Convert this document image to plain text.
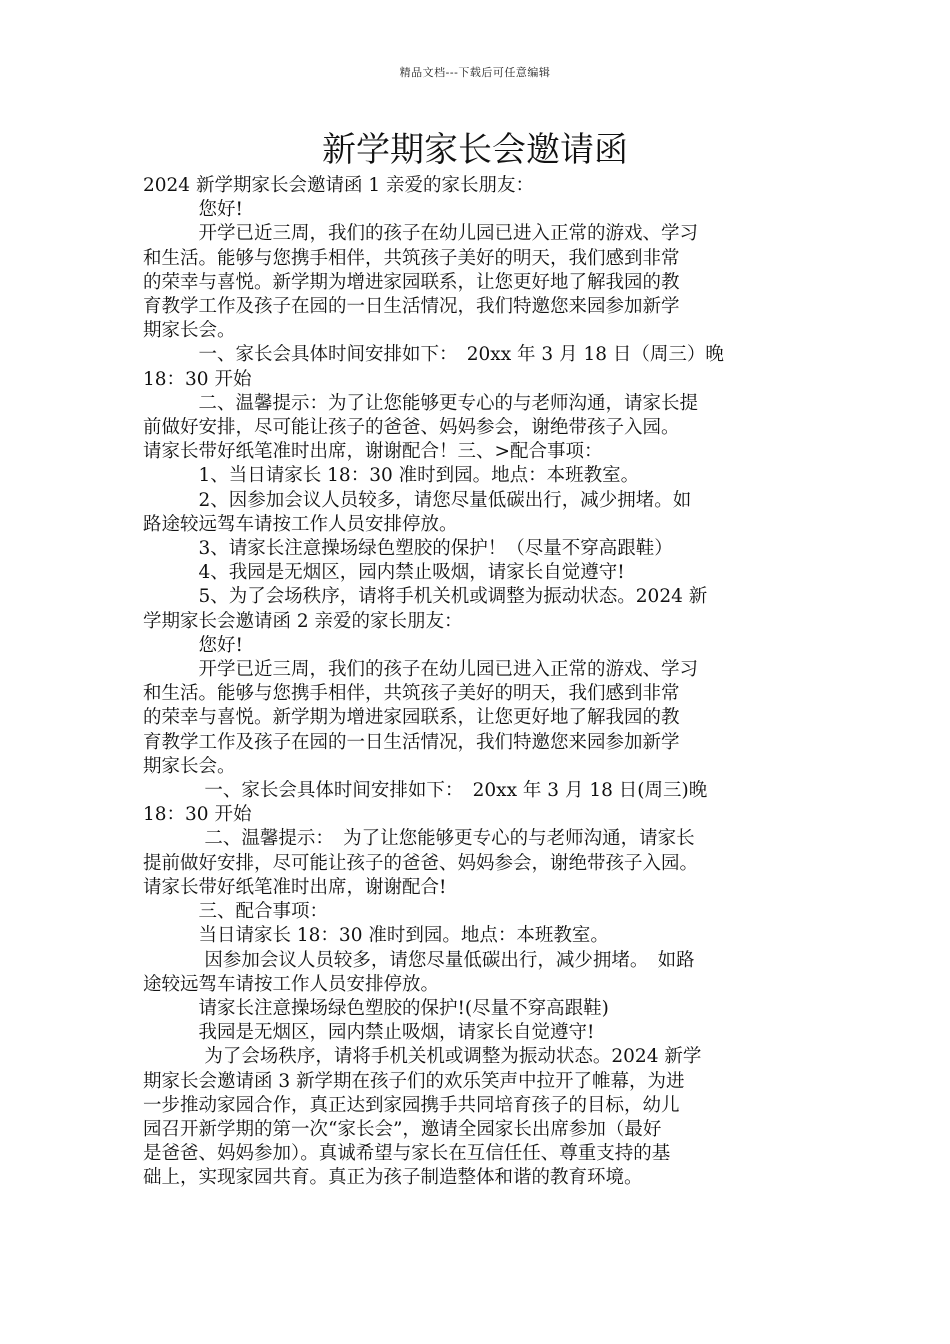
精品文档---下载后可任意编辑
新学期家长会邀请函

2024 新学期家长会邀请函 1 亲爱的家长朋友：

　　　您好!

　　　开学已近三周，我们的孩子在幼儿园已进入正常的游戏、学习

和生活。能够与您携手相伴，共筑孩子美好的明天，我们感到非常

的荣幸与喜悦。新学期为增进家园联系，让您更好地了解我园的教

育教学工作及孩子在园的一日生活情况，我们特邀您来园参加新学

期家长会。

　　　一、家长会具体时间安排如下：　20xx 年 3 月 18 日（周三）晚

18：30 开始

　　　二、温馨提示：为了让您能够更专心的与老师沟通，请家长提

前做好安排，尽可能让孩子的爸爸、妈妈参会，谢绝带孩子入园。

请家长带好纸笔准时出席，谢谢配合！三、>配合事项：

　　　1、当日请家长 18：30 准时到园。地点：本班教室。

　　　2、因参加会议人员较多，请您尽量低碳出行，减少拥堵。如

路途较远驾车请按工作人员安排停放。

　　　3、请家长注意操场绿色塑胶的保护！（尽量不穿高跟鞋）

　　　4、我园是无烟区，园内禁止吸烟，请家长自觉遵守!

　　　5、为了会场秩序，请将手机关机或调整为振动状态。2024 新

学期家长会邀请函 2 亲爱的家长朋友：

　　　您好!

　　　开学已近三周，我们的孩子在幼儿园已进入正常的游戏、学习

和生活。能够与您携手相伴，共筑孩子美好的明天，我们感到非常

的荣幸与喜悦。新学期为增进家园联系，让您更好地了解我园的教

育教学工作及孩子在园的一日生活情况，我们特邀您来园参加新学

期家长会。

　　　 一、家长会具体时间安排如下：　20xx 年 3 月 18 日(周三)晚

18：30 开始

　　　 二、温馨提示：　为了让您能够更专心的与老师沟通，请家长

提前做好安排，尽可能让孩子的爸爸、妈妈参会，谢绝带孩子入园。

请家长带好纸笔准时出席，谢谢配合!

　　　三、配合事项：

　　　当日请家长 18：30 准时到园。地点：本班教室。

　　　 因参加会议人员较多，请您尽量低碳出行，减少拥堵。　如路

途较远驾车请按工作人员安排停放。

　　　请家长注意操场绿色塑胶的保护!(尽量不穿高跟鞋)

　　　我园是无烟区，园内禁止吸烟，请家长自觉遵守!

　　　 为了会场秩序，请将手机关机或调整为振动状态。2024 新学

期家长会邀请函 3 新学期在孩子们的欢乐笑声中拉开了帷幕，为进

一步推动家园合作，真正达到家园携手共同培育孩子的目标，幼儿

园召开新学期的第一次“家长会”，邀请全园家长出席参加（最好

是爸爸、妈妈参加）。真诚希望与家长在互信任任、尊重支持的基

础上，实现家园共育。真正为孩子制造整体和谐的教育环境。
